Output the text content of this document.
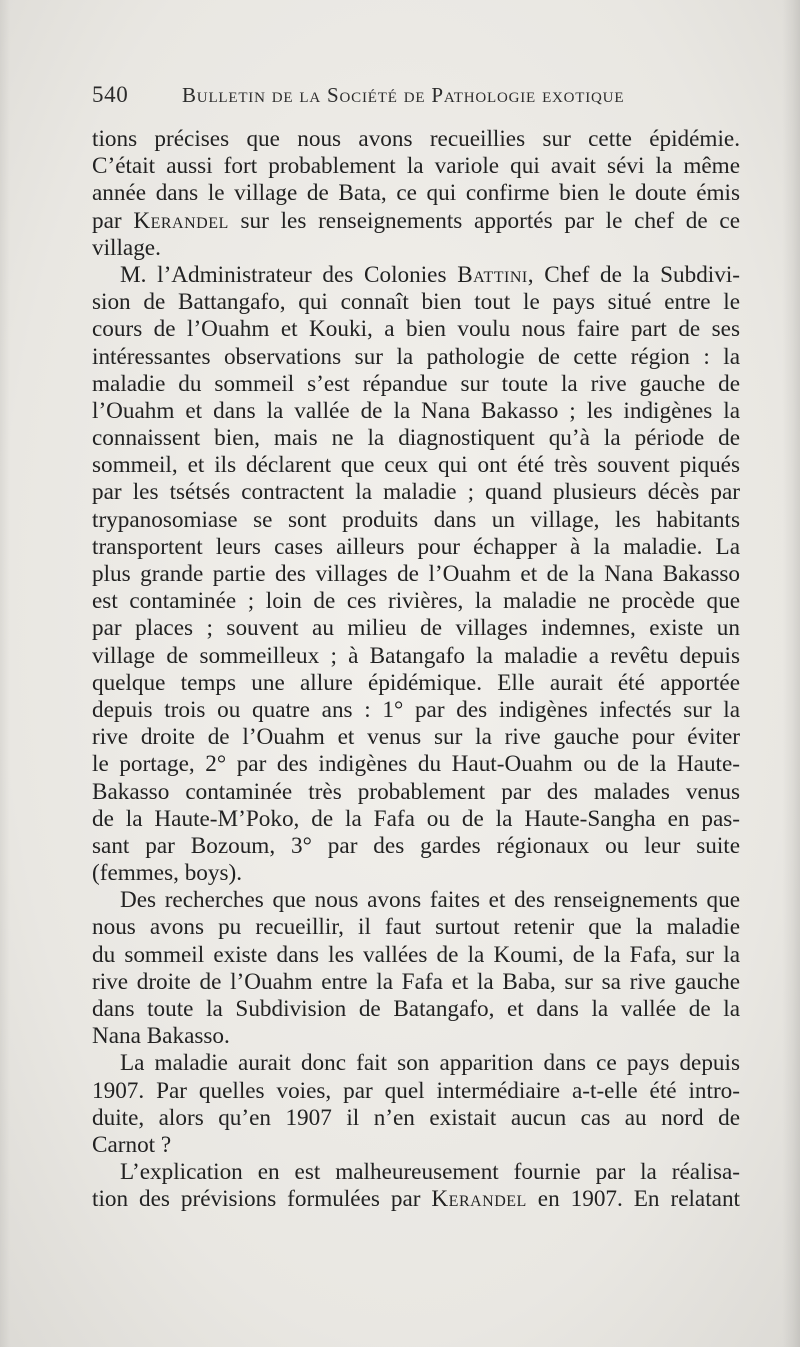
540	Bulletin de la Société de Pathologie exotique
tions précises que nous avons recueillies sur cette épidémie.
C’était aussi fort probablement la variole qui avait sévi la même
année dans le village de Bata, ce qui confirme bien le doute émis
par Kerandel sur les renseignements apportés par le chef de ce
village.
M. l’Administrateur des Colonies Battini, Chef de la Subdivi-
sion de Battangafo, qui connaît bien tout le pays situé entre le
cours de l’Ouahm et Kouki, a bien voulu nous faire part de ses
intéressantes observations sur la pathologie de cette région : la
maladie du sommeil s’est répandue sur toute la rive gauche de
l’Ouahm et dans la vallée de la Nana Bakasso ; les indigènes la
connaissent bien, mais ne la diagnostiquent qu’à la période de
sommeil, et ils déclarent que ceux qui ont été très souvent piqués
par les tsétsés contractent la maladie ; quand plusieurs décès par
trypanosomiase se sont produits dans un village, les habitants
transportent leurs cases ailleurs pour échapper à la maladie. La
plus grande partie des villages de l’Ouahm et de la Nana Bakasso
est contaminée ; loin de ces rivières, la maladie ne procède que
par places ; souvent au milieu de villages indemnes, existe un
village de sommeilleux ; à Batangafo la maladie a revêtu depuis
quelque temps une allure épidémique. Elle aurait été apportée
depuis trois ou quatre ans : 1° par des indigènes infectés sur la
rive droite de l’Ouahm et venus sur la rive gauche pour éviter
le portage, 2° par des indigènes du Haut-Ouahm ou de la Haute-
Bakasso contaminée très probablement par des malades venus
de la Haute-M’Poko, de la Fafa ou de la Haute-Sangha en pas-
sant par Bozoum, 3° par des gardes régionaux ou leur suite
(femmes, boys).
Des recherches que nous avons faites et des renseignements que
nous avons pu recueillir, il faut surtout retenir que la maladie
du sommeil existe dans les vallées de la Koumi, de la Fafa, sur la
rive droite de l’Ouahm entre la Fafa et la Baba, sur sa rive gauche
dans toute la Subdivision de Batangafo, et dans la vallée de la
Nana Bakasso.
La maladie aurait donc fait son apparition dans ce pays depuis
1907. Par quelles voies, par quel intermédiaire a-t-elle été intro-
duite, alors qu’en 1907 il n’en existait aucun cas au nord de
Carnot ?
L’explication en est malheureusement fournie par la réalisa-
tion des prévisions formulées par Kerandel en 1907. En relatant
